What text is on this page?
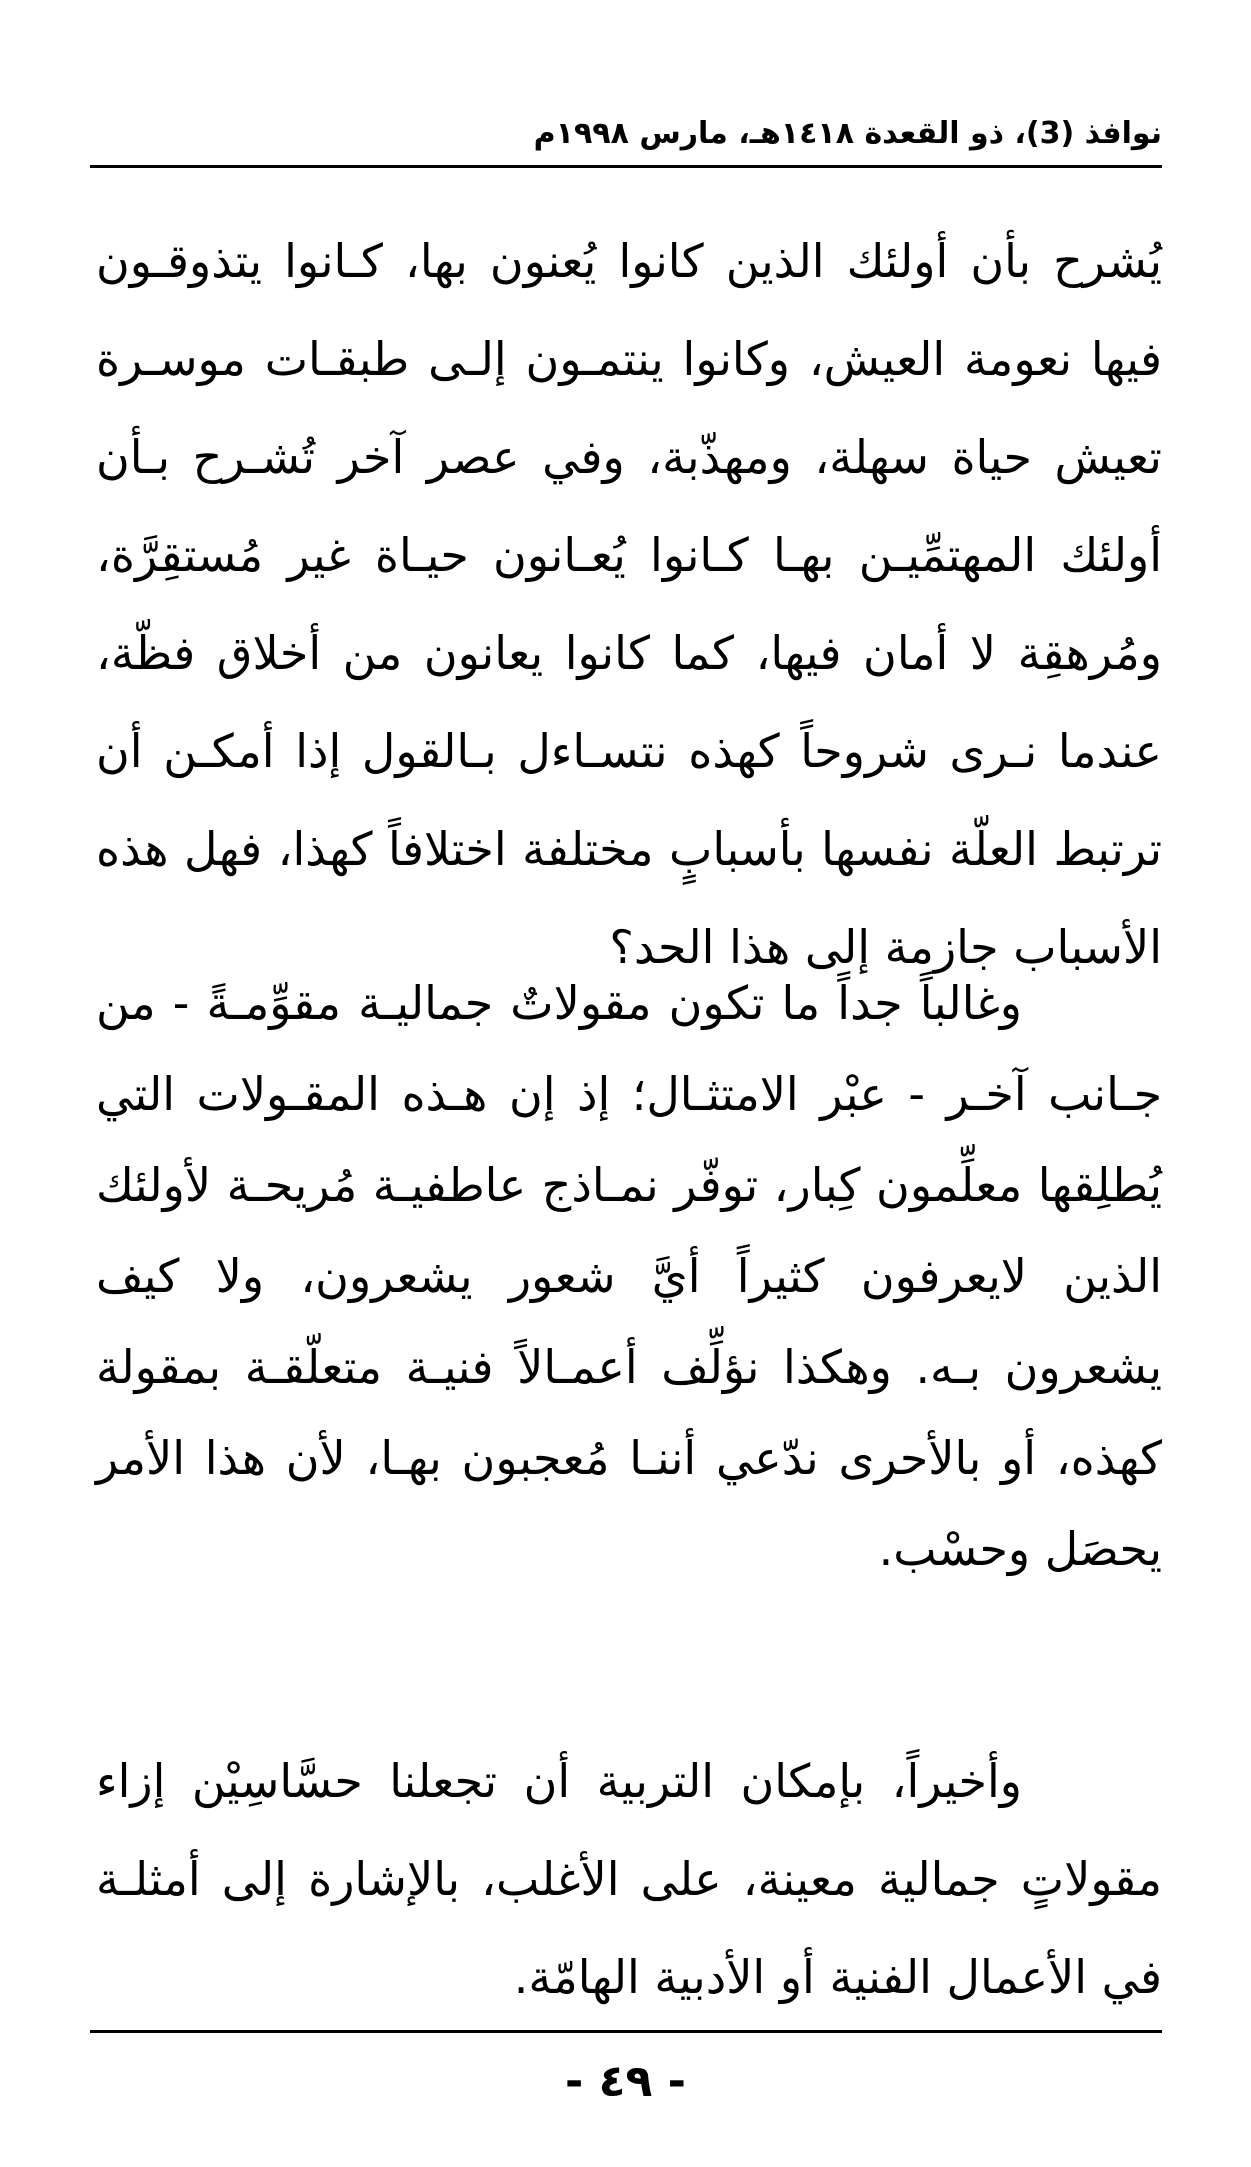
نوافذ (3)، ذو القعدة ١٤١٨هـ، مارس ١٩٩٨م

يُشرح بأن أولئك الذين كانوا يُعنون بها، كـانوا يتذوقـون فيها نعومة العيش، وكانوا ينتمـون إلـى طبقـات موسـرة تعيش حياة سهلة، ومهذّبة، وفي عصر آخر تُشـرح بـأن أولئك المهتمِّيـن بهـا كـانوا يُعـانون حيـاة غير مُستقِرَّة، ومُرهقِة لا أمان فيها، كما كانوا يعانون من أخلاق فظّة، عندما نـرى شروحاً كهذه نتسـاءل بـالقول إذا أمكـن أن ترتبط العلّة نفسها بأسبابٍ مختلفة اختلافاً كهذا، فهل هذه الأسباب جازمة إلى هذا الحد؟

وغالباً جداً ما تكون مقولاتٌ جماليـة مقوِّمـةً - من جـانب آخـر - عبْر الامتثـال؛ إذ إن هـذه المقـولات التي يُطلِقها معلِّمون كِبار، توفّر نمـاذج عاطفيـة مُريحـة لأولئك الذين لايعرفون كثيراً أيَّ شعور يشعرون، ولا كيف يشعرون بـه. وهكذا نؤلِّف أعمـالاً فنيـة متعلّقـة بمقولة كهذه، أو بالأحرى ندّعي أننـا مُعجبون بهـا، لأن هذا الأمر يحصَل وحسْب.

وأخيراً، بإمكان التربية أن تجعلنا حسَّاسِيْن إزاء مقولاتٍ جمالية معينة، على الأغلب، بالإشارة إلى أمثلـة في الأعمال الفنية أو الأدبية الهامّة.

- ٤٩ -
